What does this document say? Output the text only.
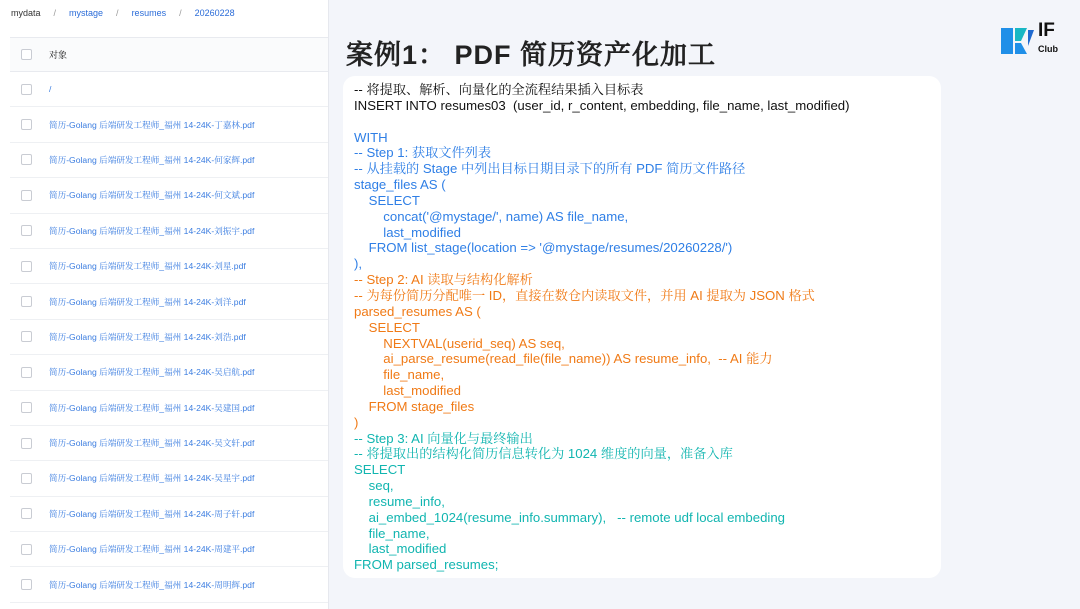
mydata / mystage / resumes / 20260228
对象
/
简历-Golang 后端研发工程师_福州 14-24K-丁嘉林.pdf
简历-Golang 后端研发工程师_福州 14-24K-何家辉.pdf
简历-Golang 后端研发工程师_福州 14-24K-何文斌.pdf
简历-Golang 后端研发工程师_福州 14-24K-刘振宇.pdf
简历-Golang 后端研发工程师_福州 14-24K-刘星.pdf
简历-Golang 后端研发工程师_福州 14-24K-刘洋.pdf
简历-Golang 后端研发工程师_福州 14-24K-刘浩.pdf
简历-Golang 后端研发工程师_福州 14-24K-吴启航.pdf
简历-Golang 后端研发工程师_福州 14-24K-吴建国.pdf
简历-Golang 后端研发工程师_福州 14-24K-吴文轩.pdf
简历-Golang 后端研发工程师_福州 14-24K-吴星宇.pdf
简历-Golang 后端研发工程师_福州 14-24K-周子轩.pdf
简历-Golang 后端研发工程师_福州 14-24K-周建平.pdf
简历-Golang 后端研发工程师_福州 14-24K-周明辉.pdf
案例1： PDF 简历资产化加工
IF
Club
-- 将提取、解析、向量化的全流程结果插入目标表
INSERT INTO resumes03  (user_id, r_content, embedding, file_name, last_modified)
WITH
-- Step 1: 获取文件列表
-- 从挂载的 Stage 中列出目标日期目录下的所有 PDF 简历文件路径
stage_files AS (
SELECT
concat('@mystage/', name) AS file_name,
last_modified
FROM list_stage(location => '@mystage/resumes/20260228/')
),
-- Step 2: AI 读取与结构化解析
-- 为每份简历分配唯一 ID，直接在数仓内读取文件，并用 AI 提取为 JSON 格式
parsed_resumes AS (
SELECT
NEXTVAL(userid_seq) AS seq,
ai_parse_resume(read_file(file_name)) AS resume_info,  -- AI 能力
file_name,
last_modified
FROM stage_files
)
-- Step 3: AI 向量化与最终输出
-- 将提取出的结构化简历信息转化为 1024 维度的向量，准备入库
SELECT
seq,
resume_info,
ai_embed_1024(resume_info.summary),   -- remote udf local embeding
file_name,
last_modified
FROM parsed_resumes;
